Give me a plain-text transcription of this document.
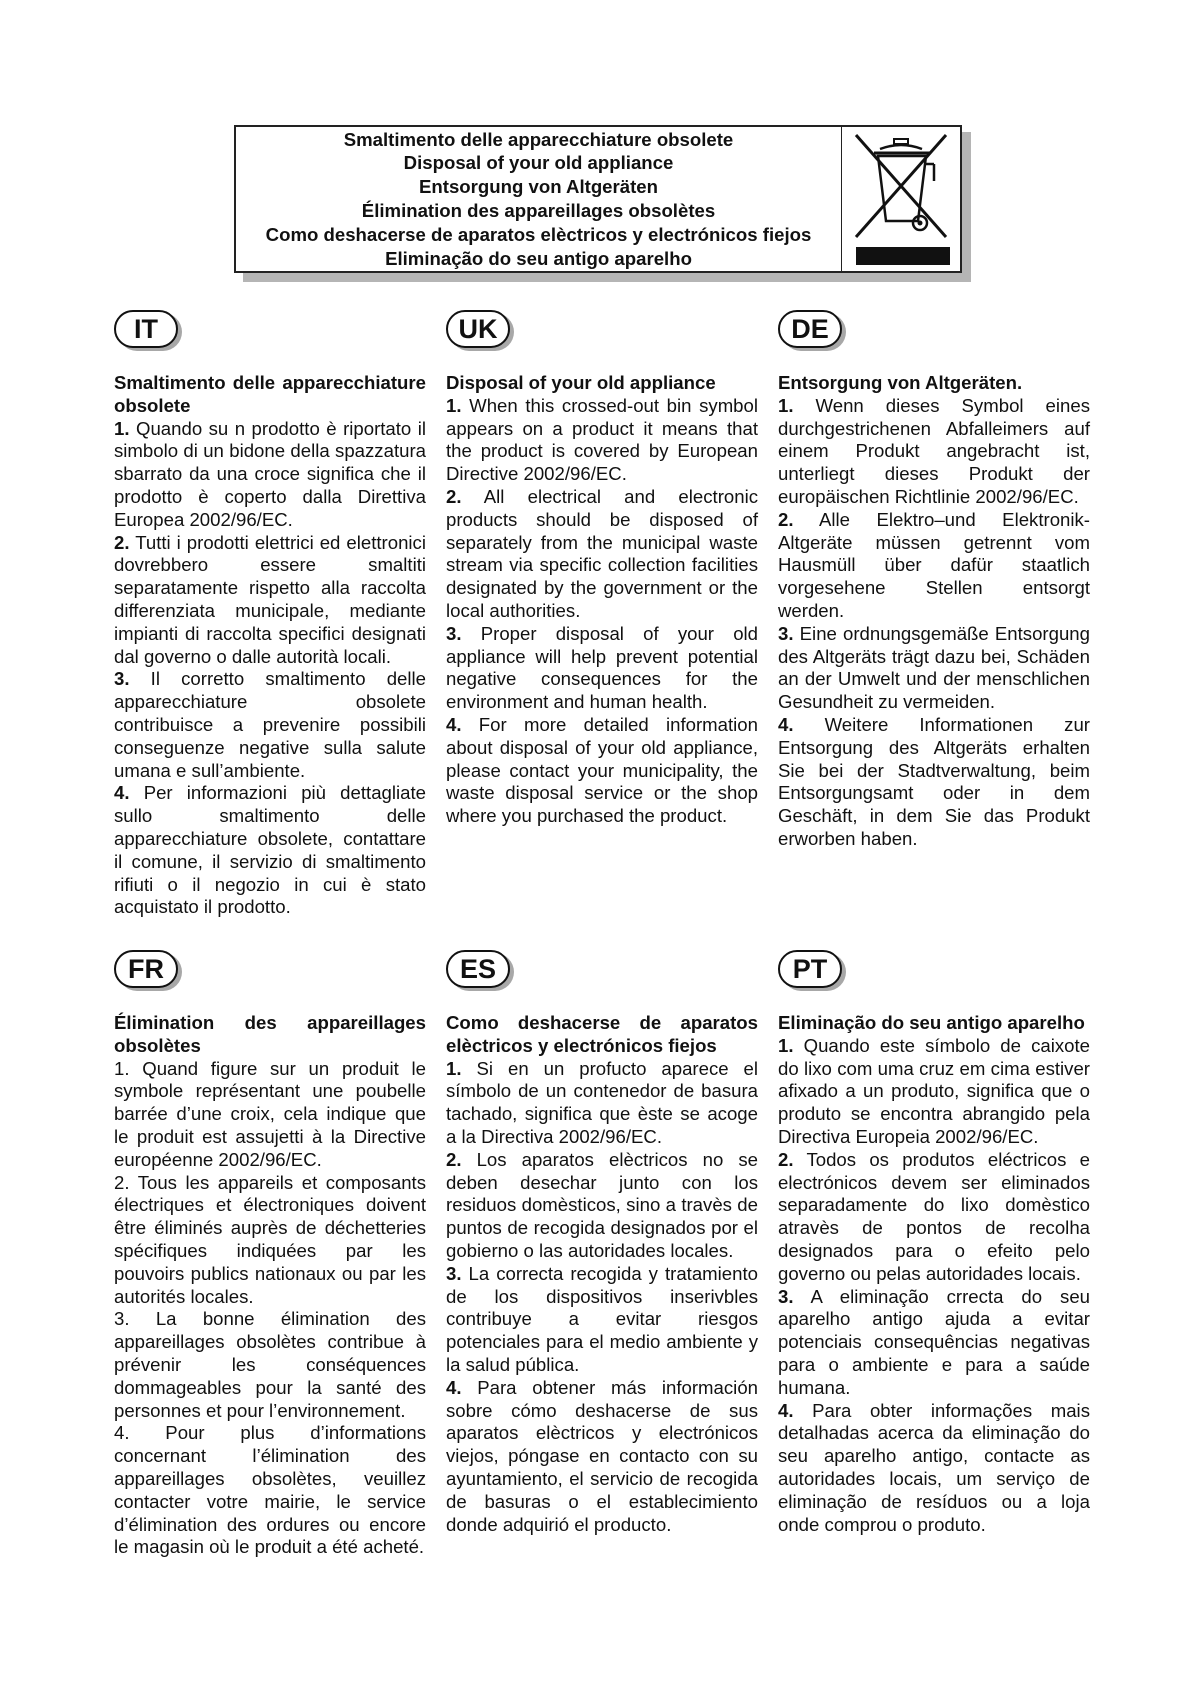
Smaltimento delle apparecchiature obsolete
Disposal of your old appliance
Entsorgung von Altgeräten
Élimination des appareillages obsolètes
Como deshacerse de aparatos elèctricos y electrónicos fiejos
Eliminação do seu antigo aparelho
IT

Smaltimento delle apparecchiature obsolete

1. Quando su n prodotto è riportato il simbolo di un bidone della spazzatura sbarrato da una croce significa che il prodotto è coperto dalla Direttiva Europea 2002/96/EC.

2. Tutti i prodotti elettrici ed elettronici dovrebbero essere smaltiti separatamente rispetto alla raccolta differenziata municipale, mediante impianti di raccolta specifici designati dal governo o dalle autorità locali.

3. Il corretto smaltimento delle apparecchiature obsolete contribuisce a prevenire possibili conseguenze negative sulla salute umana e sull’ambiente.

4. Per informazioni più dettagliate sullo smaltimento delle apparecchiature obsolete, contattare il comune, il servizio di smaltimento rifiuti o il negozio in cui è stato acquistato il prodotto.

UK

Disposal of your old appliance

1. When this crossed-out bin symbol appears on a product it means that the product is covered by European Directive 2002/96/EC.

2. All electrical and electronic products should be disposed of separately from the municipal waste stream via specific collection facilities designated by the government or the local authorities.

3. Proper disposal of your old appliance will help prevent potential negative consequences for the environment and human health.

4. For more detailed information about disposal of your old appliance, please contact your municipality, the waste disposal service or the shop where you purchased the product.

DE

Entsorgung von Altgeräten.

1. Wenn dieses Symbol eines durchgestrichenen Abfalleimers auf einem Produkt angebracht ist, unterliegt dieses Produkt der europäischen Richtlinie 2002/96/EC.

2. Alle Elektro–und Elektronik-Altgeräte müssen getrennt vom Hausmüll über dafür staatlich vorgesehene Stellen entsorgt werden.

3. Eine ordnungsgemäße Entsorgung des Altgeräts trägt dazu bei, Schäden an der Umwelt und der menschlichen Gesundheit zu vermeiden.

4. Weitere Informationen zur Entsorgung des Altgeräts erhalten Sie bei der Stadtverwaltung, beim Entsorgungsamt oder in dem Geschäft, in dem Sie das Produkt erworben haben.

FR

Élimination des appareillages obsolètes

1. Quand figure sur un produit le symbole représentant une poubelle barrée d’une croix, cela indique que le produit est assujetti à la Directive européenne 2002/96/EC.

2. Tous les appareils et composants électriques et électroniques doivent être éliminés auprès de déchetteries spécifiques indiquées par les pouvoirs publics nationaux ou par les autorités locales.

3. La bonne élimination des appareillages obsolètes contribue à prévenir les conséquences dommageables pour la santé des personnes et pour l’environnement.

4. Pour plus d’informations concernant l’élimination des appareillages obsolètes, veuillez contacter votre mairie, le service d’élimination des ordures ou encore le magasin où le produit a été acheté.

ES

Como deshacerse de aparatos elèctricos y electrónicos fiejos

1. Si en un profucto aparece el símbolo de un contenedor de basura tachado, significa que èste se acoge a la Directiva 2002/96/EC.

2. Los aparatos elèctricos no se deben desechar junto con los residuos domèsticos, sino a travès de puntos de recogida designados por el gobierno o las autoridades locales.

3. La correcta recogida y tratamiento de los dispositivos inserivbles contribuye a evitar riesgos potenciales para el medio ambiente y la salud pública.

4. Para obtener más información sobre cómo deshacerse de sus aparatos elèctricos y electrónicos viejos, póngase en contacto con su ayuntamiento, el servicio de recogida de basuras o el establecimiento donde adquirió el producto.

PT

Eliminação do seu antigo aparelho

1. Quando este símbolo de caixote do lixo com uma cruz em cima estiver afixado a un produto, significa que o produto se encontra abrangido pela Directiva Europeia 2002/96/EC.

2. Todos os produtos eléctricos e electrónicos devem ser eliminados separadamente do lixo domèstico atravès de pontos de recolha designados para o efeito pelo governo ou pelas autoridades locais.

3. A eliminação crrecta do seu aparelho antigo ajuda a evitar potenciais consequências negativas para o ambiente e para a saúde humana.

4. Para obter informações mais detalhadas acerca da eliminação do seu aparelho antigo, contacte as autoridades locais, um serviço de eliminação de resíduos ou a loja onde comprou o produto.
